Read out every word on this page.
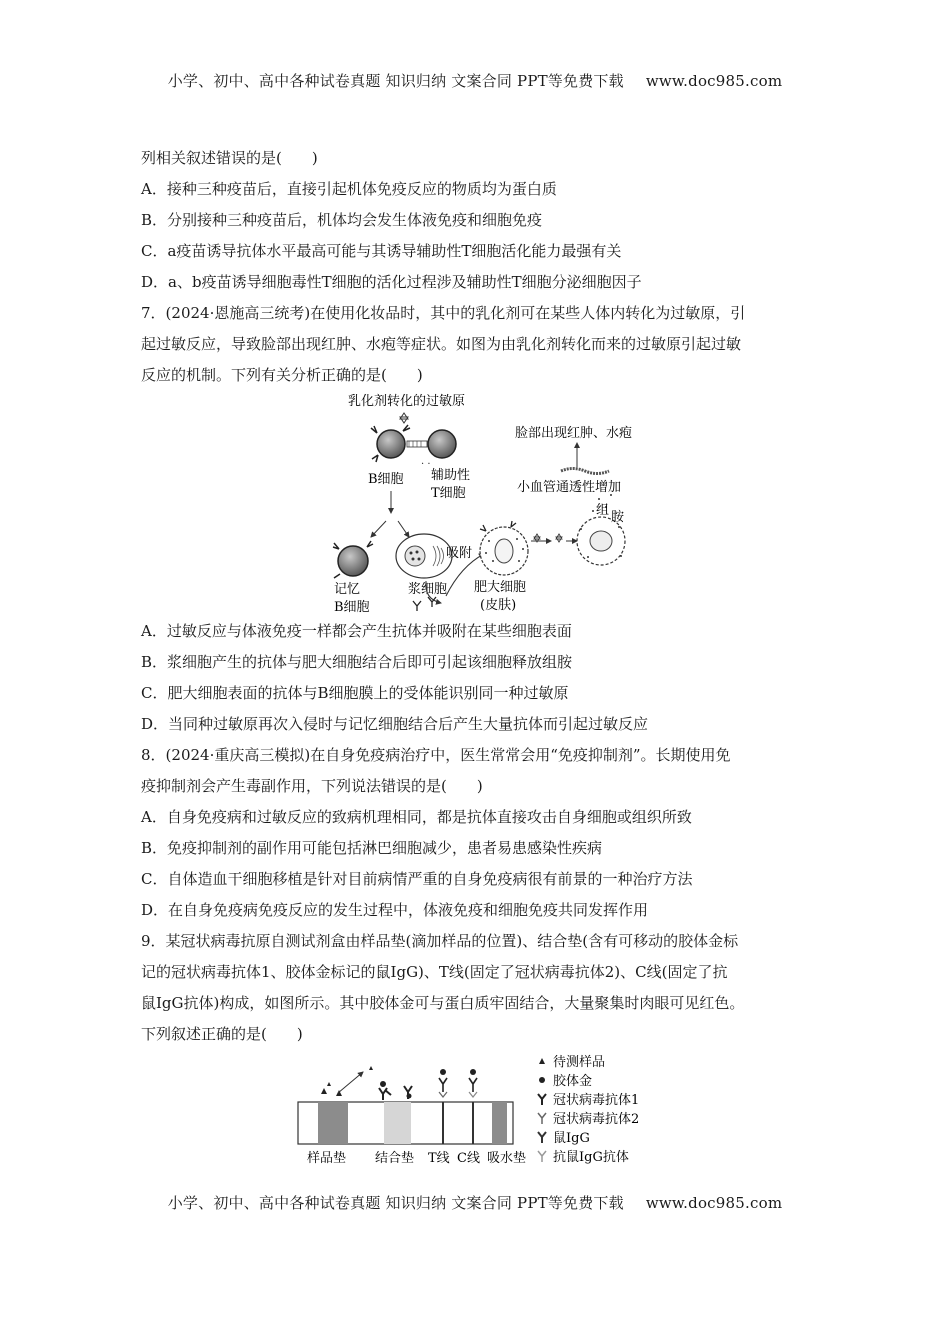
小学、初中、高中各种试卷真题 知识归纳 文案合同 PPT等免费下载 www.doc985.com
列相关叙述错误的是(　　)
A．接种三种疫苗后，直接引起机体免疫反应的物质均为蛋白质
B．分别接种三种疫苗后，机体均会发生体液免疫和细胞免疫
C．a疫苗诱导抗体水平最高可能与其诱导辅助性T细胞活化能力最强有关
D．a、b疫苗诱导细胞毒性T细胞的活化过程涉及辅助性T细胞分泌细胞因子
7．(2024·恩施高三统考)在使用化妆品时，其中的乳化剂可在某些人体内转化为过敏原，引
起过敏反应，导致脸部出现红肿、水疱等症状。如图为由乳化剂转化而来的过敏原引起过敏
反应的机制。下列有关分析正确的是(　　)
乳化剂转化的过敏原
· ·
B细胞 辅助性
T细胞
记忆
B细胞
浆细胞
吸附
肥大细胞
(皮肤)
组 胺
小血管通透性增加
脸部出现红肿、水疱
A．过敏反应与体液免疫一样都会产生抗体并吸附在某些细胞表面
B．浆细胞产生的抗体与肥大细胞结合后即可引起该细胞释放组胺
C．肥大细胞表面的抗体与B细胞膜上的受体能识别同一种过敏原
D．当同种过敏原再次入侵时与记忆细胞结合后产生大量抗体而引起过敏反应
8．(2024·重庆高三模拟)在自身免疫病治疗中，医生常常会用“免疫抑制剂”。长期使用免
疫抑制剂会产生毒副作用，下列说法错误的是(　　)
A．自身免疫病和过敏反应的致病机理相同，都是抗体直接攻击自身细胞或组织所致
B．免疫抑制剂的副作用可能包括淋巴细胞减少，患者易患感染性疾病
C．自体造血干细胞移植是针对目前病情严重的自身免疫病很有前景的一种治疗方法
D．在自身免疫病免疫反应的发生过程中，体液免疫和细胞免疫共同发挥作用
9．某冠状病毒抗原自测试剂盒由样品垫(滴加样品的位置)、结合垫(含有可移动的胶体金标
记的冠状病毒抗体1、胶体金标记的鼠IgG)、T线(固定了冠状病毒抗体2)、C线(固定了抗
鼠IgG抗体)构成，如图所示。其中胶体金可与蛋白质牢固结合，大量聚集时肉眼可见红色。
下列叙述正确的是(　　)
样品垫 结合垫 T线 C线 吸水垫
待测样品
胶体金
冠状病毒抗体1
冠状病毒抗体2
鼠IgG
抗鼠IgG抗体
小学、初中、高中各种试卷真题 知识归纳 文案合同 PPT等免费下载 www.doc985.com
